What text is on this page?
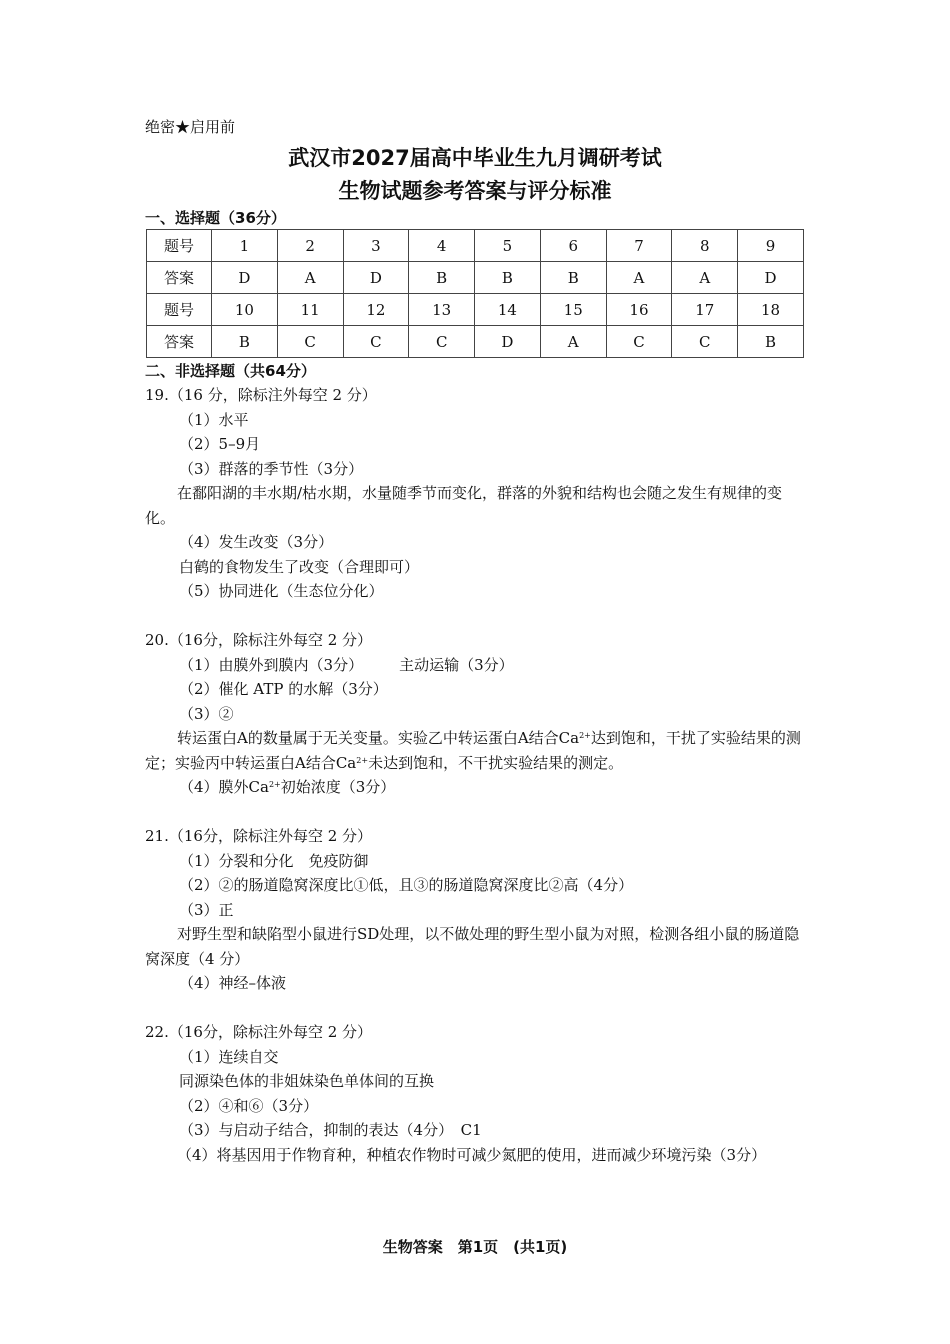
绝密★启用前
武汉市2027届高中毕业生九月调研考试
生物试题参考答案与评分标准
一、选择题（36分）
题号	1	2	3	4	5	6	7	8	9
答案	D	A	D	B	B	B	A	A	D
题号	10	11	12	13	14	15	16	17	18
答案	B	C	C	C	D	A	C	C	B
二、非选择题（共64分）

19.（16 分，除标注外每空 2 分）

（1）水平

（2）5–9月

（3）群落的季节性（3分）

在鄱阳湖的丰水期/枯水期，水量随季节而变化，群落的外貌和结构也会随之发生有规律的变化。

（4）发生改变（3分）

白鹤的食物发生了改变（合理即可）

（5）协同进化（生态位分化）

20.（16分，除标注外每空 2 分）

（1）由膜外到膜内（3分） 主动运输（3分）

（2）催化 ATP 的水解（3分）

（3）②

转运蛋白A的数量属于无关变量。实验乙中转运蛋白A结合$Ca^{2+}$达到饱和，干扰了实验结果的测定；实验丙中转运蛋白A结合$Ca^{2+}$未达到饱和，不干扰实验结果的测定。

（4）膜外$Ca^{2+}$初始浓度（3分）

21.（16分，除标注外每空 2 分）

（1）分裂和分化　免疫防御

（2）②的肠道隐窝深度比①低，且③的肠道隐窝深度比②高（4分）

（3）正

对野生型和缺陷型小鼠进行SD处理，以不做处理的野生型小鼠为对照，检测各组小鼠的肠道隐窝深度（4 分）

（4）神经–体液

22.（16分，除标注外每空 2 分）

（1）连续自交

同源染色体的非姐妹染色单体间的互换

（2）④和⑥（3分）

（3）与启动子结合，抑制的表达（4分）　C1

（4）将基因用于作物育种，种植农作物时可减少氮肥的使用，进而减少环境污染（3分）

生物答案　第1页　(共1页)
